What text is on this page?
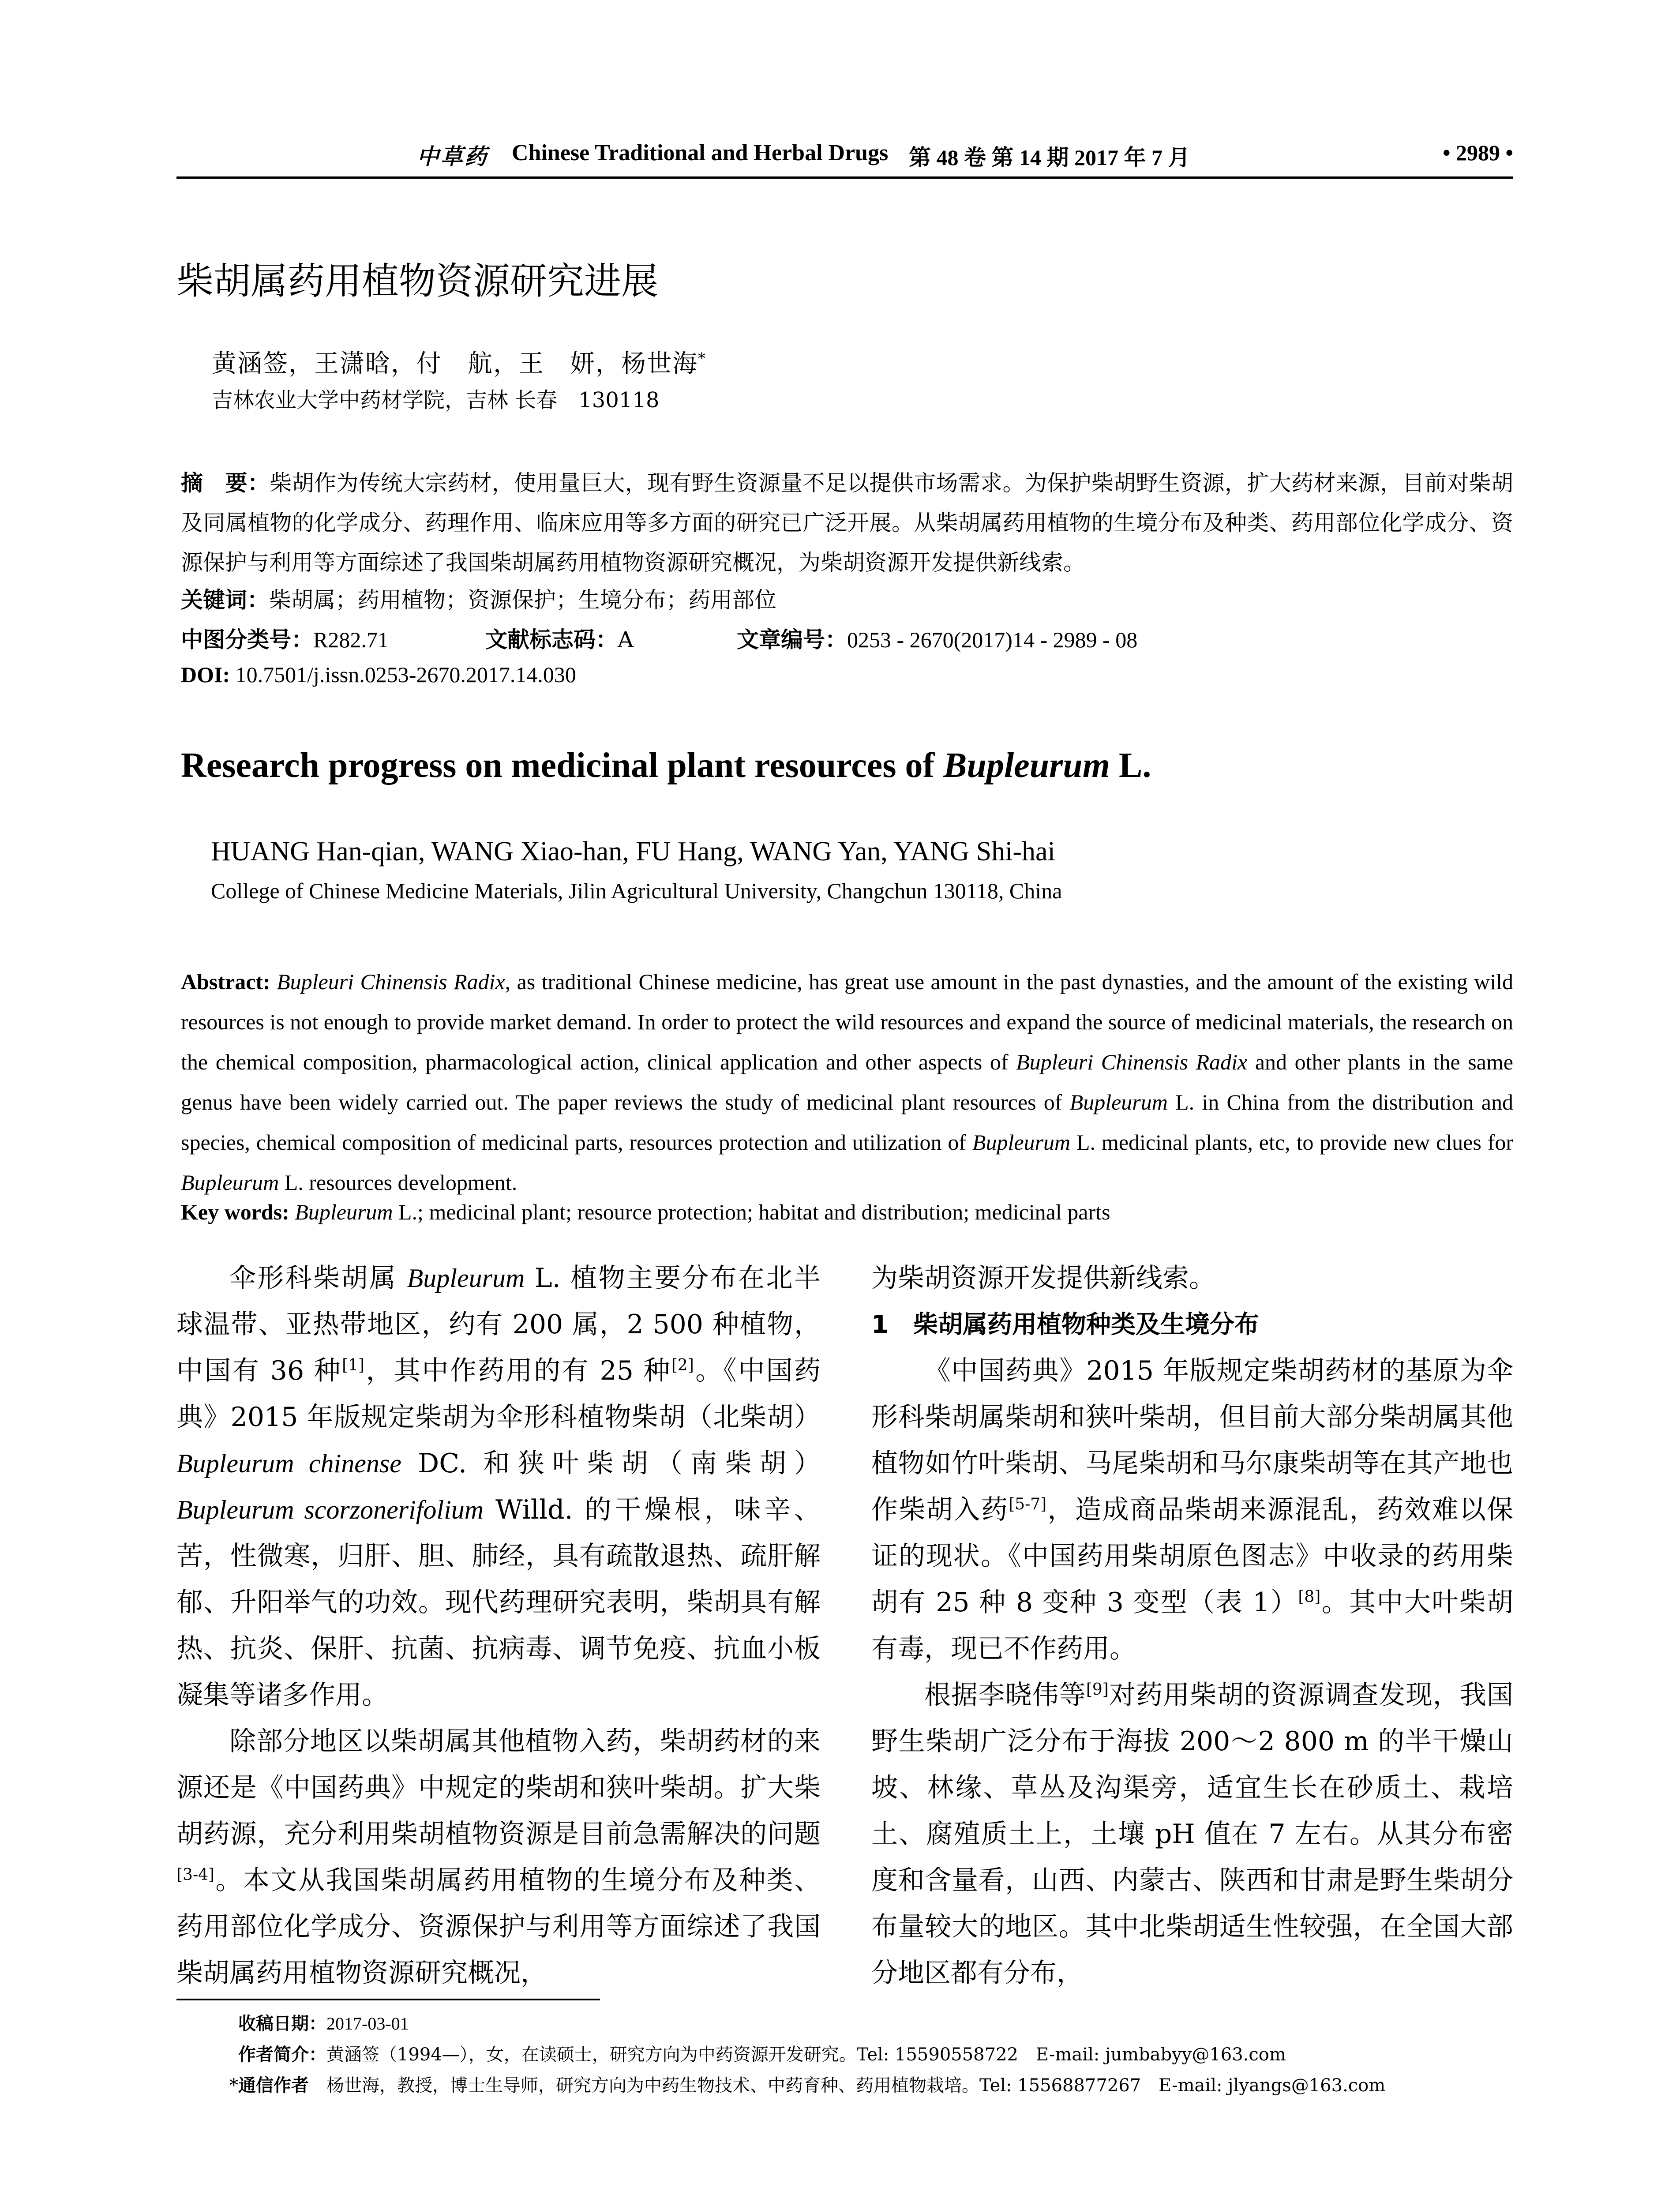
中草药 Chinese Traditional and Herbal Drugs 第 48 卷 第 14 期 2017 年 7 月	• 2989 •
柴胡属药用植物资源研究进展
黄涵签，王潇晗，付　航，王　妍，杨世海*
吉林农业大学中药材学院，吉林 长春　130118
摘　要：柴胡作为传统大宗药材，使用量巨大，现有野生资源量不足以提供市场需求。为保护柴胡野生资源，扩大药材来源，目前对柴胡及同属植物的化学成分、药理作用、临床应用等多方面的研究已广泛开展。从柴胡属药用植物的生境分布及种类、药用部位化学成分、资源保护与利用等方面综述了我国柴胡属药用植物资源研究概况，为柴胡资源开发提供新线索。
关键词：柴胡属；药用植物；资源保护；生境分布；药用部位
中图分类号：R282.71	文献标志码：A	文章编号：0253 - 2670(2017)14 - 2989 - 08
DOI: 10.7501/j.issn.0253-2670.2017.14.030
Research progress on medicinal plant resources of Bupleurum L.
HUANG Han-qian, WANG Xiao-han, FU Hang, WANG Yan, YANG Shi-hai
College of Chinese Medicine Materials, Jilin Agricultural University, Changchun 130118, China
Abstract: Bupleuri Chinensis Radix, as traditional Chinese medicine, has great use amount in the past dynasties, and the amount of the existing wild resources is not enough to provide market demand. In order to protect the wild resources and expand the source of medicinal materials, the research on the chemical composition, pharmacological action, clinical application and other aspects of Bupleuri Chinensis Radix and other plants in the same genus have been widely carried out. The paper reviews the study of medicinal plant resources of Bupleurum L. in China from the distribution and species, chemical composition of medicinal parts, resources protection and utilization of Bupleurum L. medicinal plants, etc, to provide new clues for Bupleurum L. resources development.
Key words: Bupleurum L.; medicinal plant; resource protection; habitat and distribution; medicinal parts

伞形科柴胡属 Bupleurum L. 植物主要分布在北半球温带、亚热带地区，约有 200 属，2 500 种植物，中国有 36 种[1]，其中作药用的有 25 种[2]。《中国药典》2015 年版规定柴胡为伞形科植物柴胡（北柴胡）Bupleurum chinense DC. 和狭叶柴胡（南柴胡）Bupleurum scorzonerifolium Willd. 的干燥根，味辛、苦，性微寒，归肝、胆、肺经，具有疏散退热、疏肝解郁、升阳举气的功效。现代药理研究表明，柴胡具有解热、抗炎、保肝、抗菌、抗病毒、调节免疫、抗血小板凝集等诸多作用。

除部分地区以柴胡属其他植物入药，柴胡药材的来源还是《中国药典》中规定的柴胡和狭叶柴胡。扩大柴胡药源，充分利用柴胡植物资源是目前急需解决的问题[3-4]。本文从我国柴胡属药用植物的生境分布及种类、药用部位化学成分、资源保护与利用等方面综述了我国柴胡属药用植物资源研究概况，

为柴胡资源开发提供新线索。

1　柴胡属药用植物种类及生境分布

《中国药典》2015 年版规定柴胡药材的基原为伞形科柴胡属柴胡和狭叶柴胡，但目前大部分柴胡属其他植物如竹叶柴胡、马尾柴胡和马尔康柴胡等在其产地也作柴胡入药[5-7]，造成商品柴胡来源混乱，药效难以保证的现状。《中国药用柴胡原色图志》中收录的药用柴胡有 25 种 8 变种 3 变型（表 1）[8]。其中大叶柴胡有毒，现已不作药用。

根据李晓伟等[9]对药用柴胡的资源调查发现，我国野生柴胡广泛分布于海拔 200～2 800 m 的半干燥山坡、林缘、草丛及沟渠旁，适宜生长在砂质土、栽培土、腐殖质土上，土壤 pH 值在 7 左右。从其分布密度和含量看，山西、内蒙古、陕西和甘肃是野生柴胡分布量较大的地区。其中北柴胡适生性较强，在全国大部分地区都有分布，

收稿日期：2017-03-01
作者简介：黄涵签（1994—），女，在读硕士，研究方向为中药资源开发研究。Tel: 15590558722　E-mail: jumbabyy@163.com
* 通信作者　 杨世海，教授，博士生导师，研究方向为中药生物技术、中药育种、药用植物栽培。Tel: 15568877267　E-mail: jlyangs@163.com
